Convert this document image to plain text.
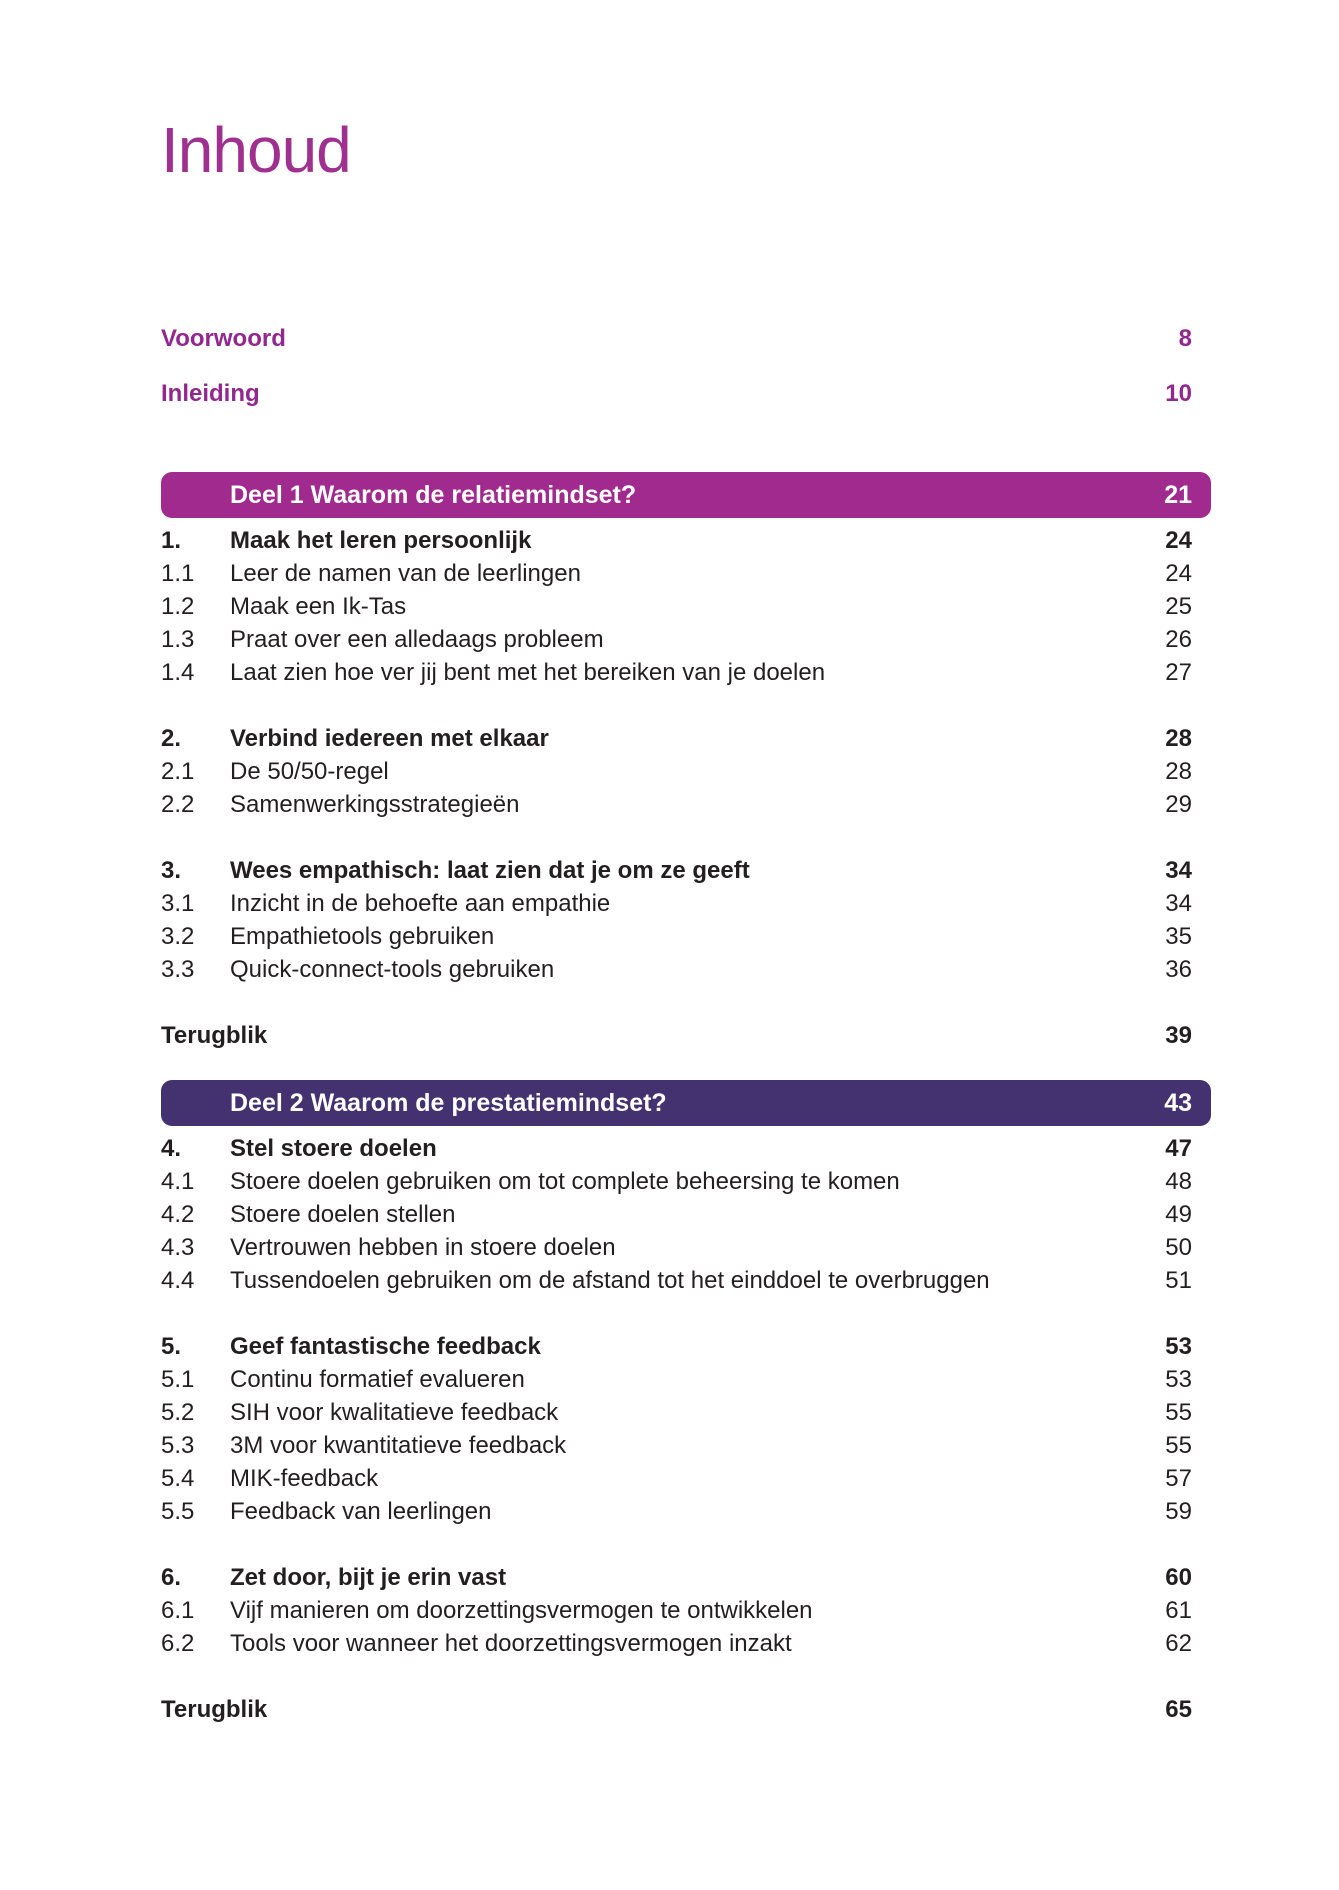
Inhoud
Voorwoord	8
Inleiding	10
Deel 1 Waarom de relatiemindset?	21
1.	Maak het leren persoonlijk	24
1.1	Leer de namen van de leerlingen	24
1.2	Maak een Ik-Tas	25
1.3	Praat over een alledaags probleem	26
1.4	Laat zien hoe ver jij bent met het bereiken van je doelen	27
2.	Verbind iedereen met elkaar	28
2.1	De 50/50-regel	28
2.2	Samenwerkingsstrategieën	29
3.	Wees empathisch: laat zien dat je om ze geeft	34
3.1	Inzicht in de behoefte aan empathie	34
3.2	Empathietools gebruiken	35
3.3	Quick-connect-tools gebruiken	36
Terugblik	39
Deel 2 Waarom de prestatiemindset?	43
4.	Stel stoere doelen	47
4.1	Stoere doelen gebruiken om tot complete beheersing te komen	48
4.2	Stoere doelen stellen	49
4.3	Vertrouwen hebben in stoere doelen	50
4.4	Tussendoelen gebruiken om de afstand tot het einddoel te overbruggen	51
5.	Geef fantastische feedback	53
5.1	Continu formatief evalueren	53
5.2	SIH voor kwalitatieve feedback	55
5.3	3M voor kwantitatieve feedback	55
5.4	MIK-feedback	57
5.5	Feedback van leerlingen	59
6.	Zet door, bijt je erin vast	60
6.1	Vijf manieren om doorzettingsvermogen te ontwikkelen	61
6.2	Tools voor wanneer het doorzettingsvermogen inzakt	62
Terugblik	65
